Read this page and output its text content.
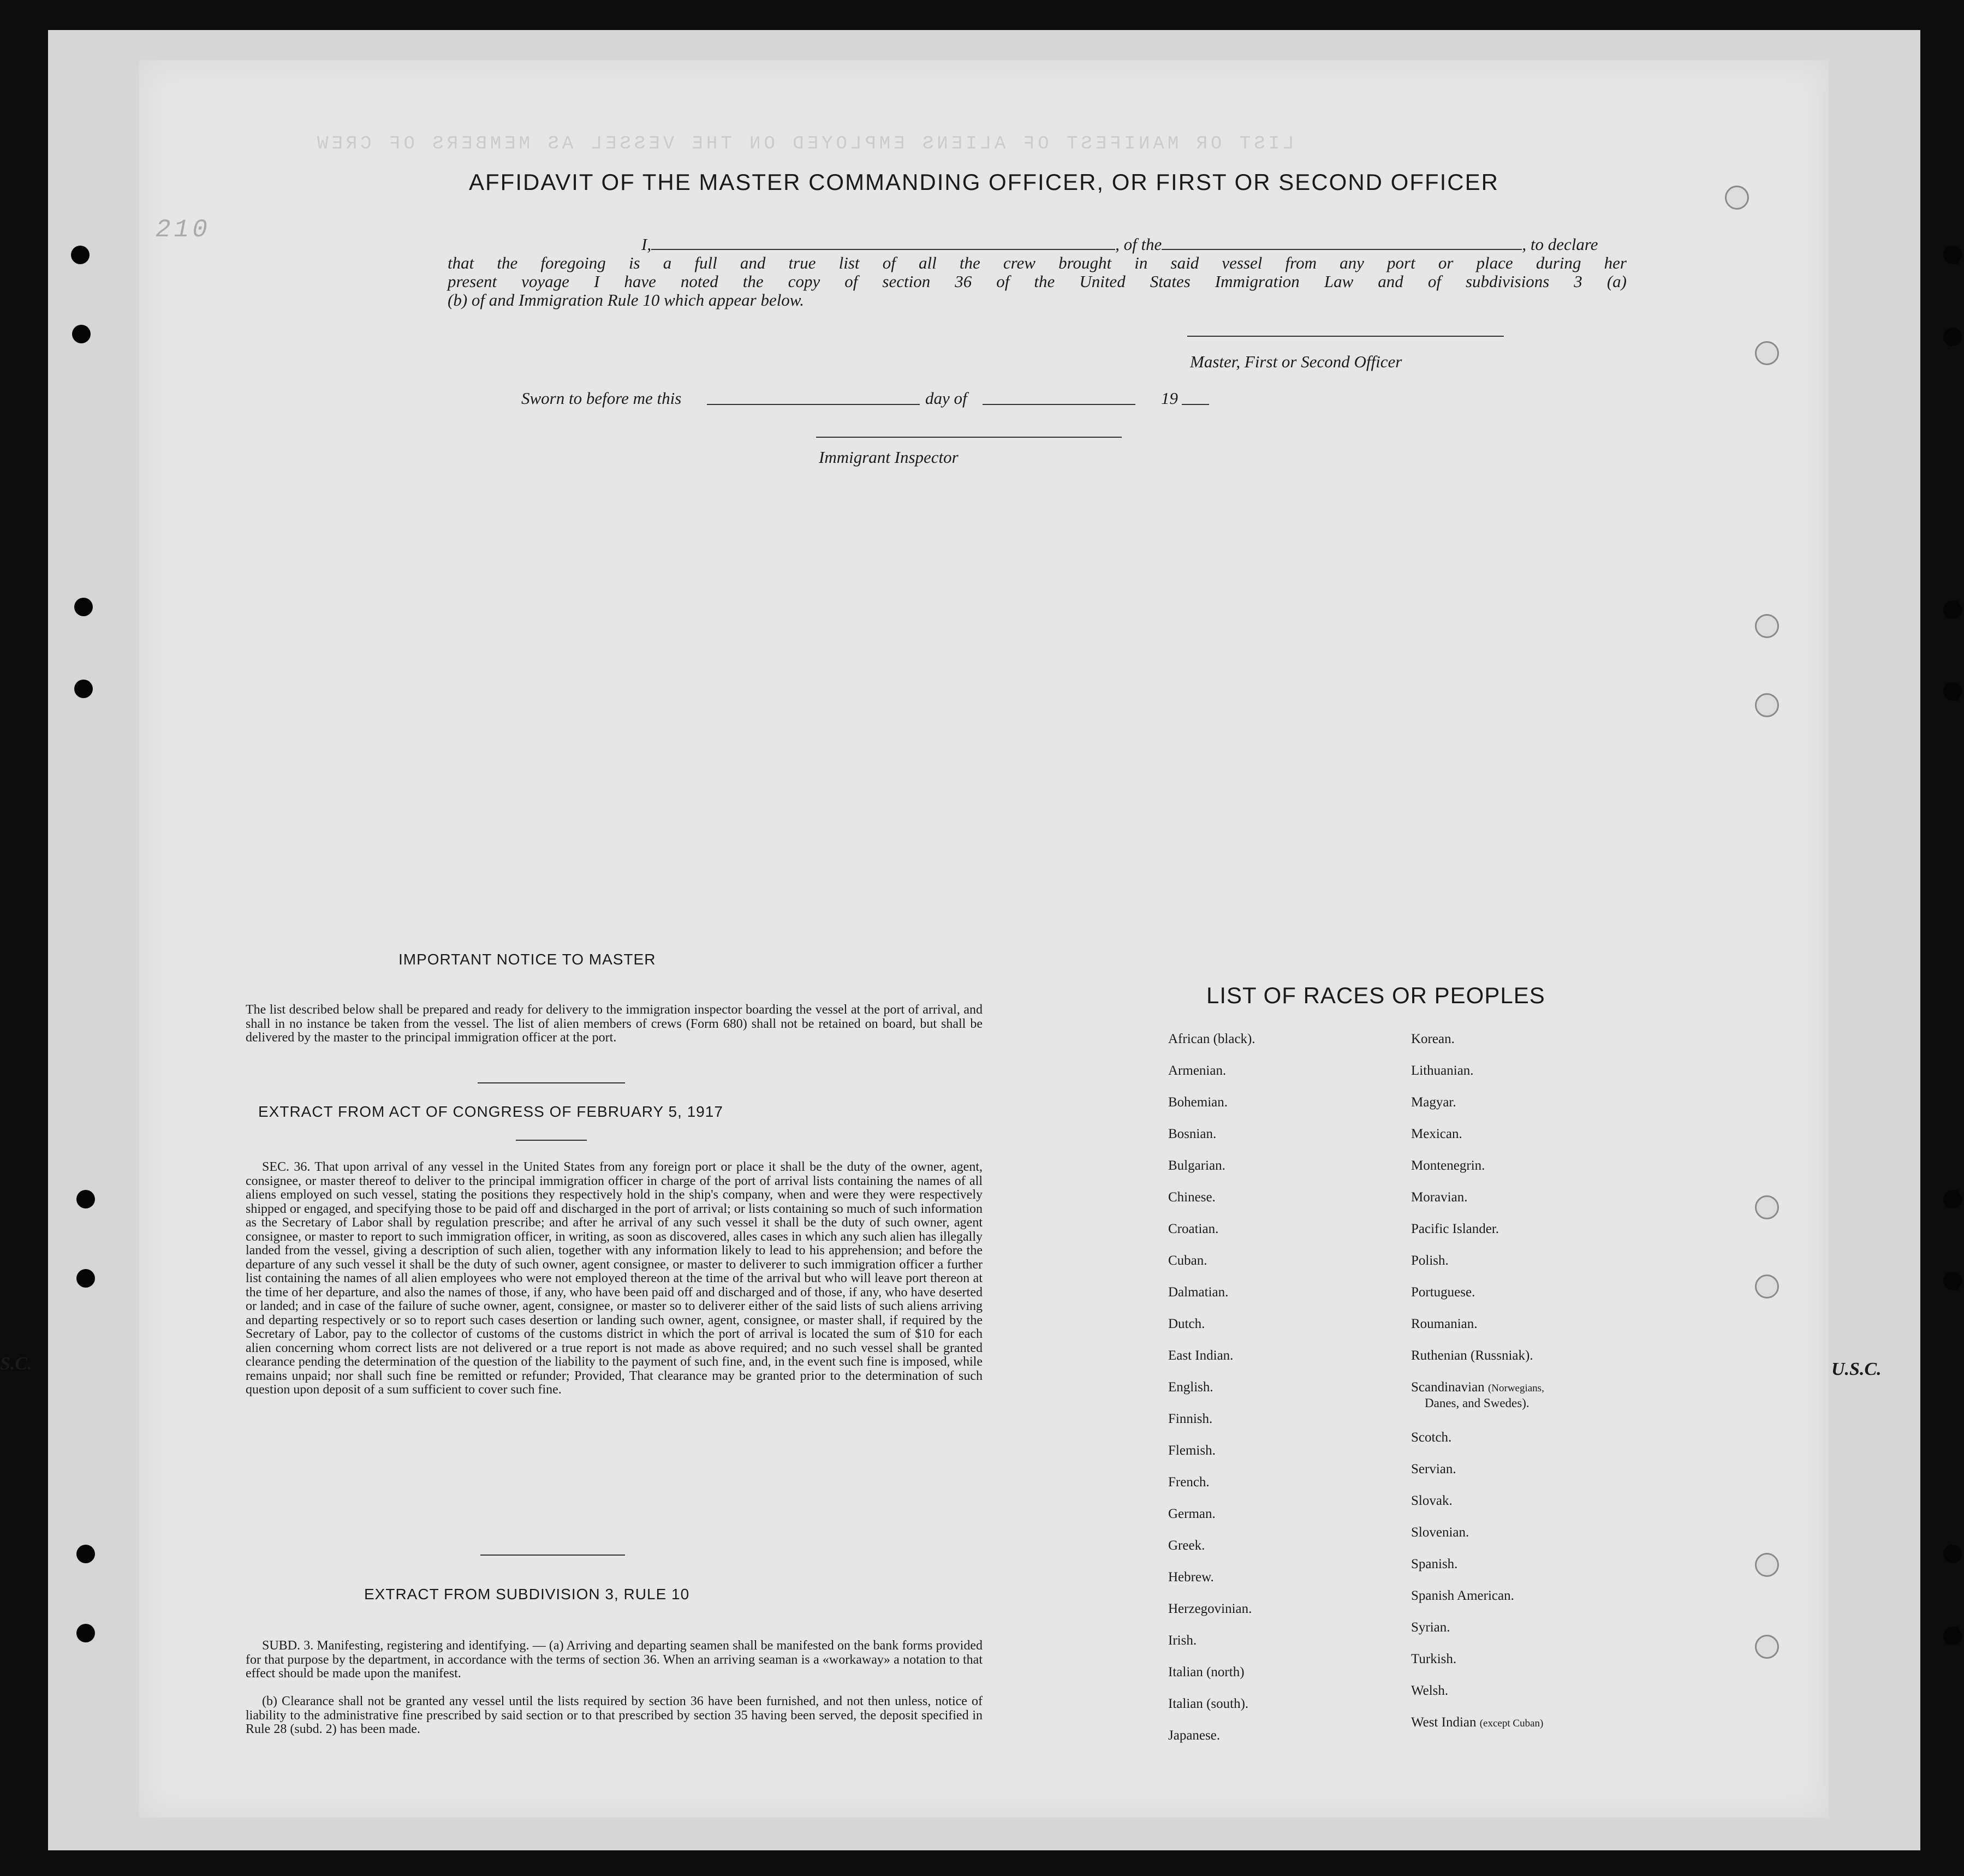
S.C.	U.S.C.
LIST OR MANIFEST OF ALIENS EMPLOYED ON THE VESSEL AS MEMBERS OF CREW
210
AFFIDAVIT OF THE MASTER COMMANDING OFFICER, OR FIRST OR SECOND OFFICER
I,	, of the	, to declare
that the foregoing is a full and true list of all the crew brought in said vessel from any port or place during her
present voyage I have noted the copy of section 36 of the United States Immigration Law and of subdivisions 3 (a)
(b) of and Immigration Rule 10 which appear below.
Master, First or Second Officer
Sworn to before me this	day of	19
Immigrant Inspector
IMPORTANT NOTICE TO MASTER
The list described below shall be prepared and ready for delivery to the immigration inspector boarding the vessel at the port of arrival, and shall in no instance be taken from the vessel. The list of alien members of crews (Form 680) shall not be retained on board, but shall be delivered by the master to the principal immigration officer at the port.
EXTRACT FROM ACT OF CONGRESS OF FEBRUARY 5, 1917
SEC. 36. That upon arrival of any vessel in the United States from any foreign port or place it shall be the duty of the owner, agent, consignee, or master thereof to deliver to the principal immigration officer in charge of the port of arrival lists containing the names of all aliens employed on such vessel, stating the positions they respectively hold in the ship's company, when and were they were respectively shipped or engaged, and specifying those to be paid off and discharged in the port of arrival; or lists containing so much of such information as the Secretary of Labor shall by regulation prescribe; and after he arrival of any such vessel it shall be the duty of such owner, agent consignee, or master to report to such immigration officer, in writing, as soon as discovered, alles cases in which any such alien has illegally landed from the vessel, giving a description of such alien, together with any information likely to lead to his apprehension; and before the departure of any such vessel it shall be the duty of such owner, agent consignee, or master to deliverer to such immigration officer a further list containing the names of all alien employees who were not employed thereon at the time of the arrival but who will leave port thereon at the time of her departure, and also the names of those, if any, who have been paid off and discharged and of those, if any, who have deserted or landed; and in case of the failure of suche owner, agent, consignee, or master so to deliverer either of the said lists of such aliens arriving and departing respectively or so to report such cases desertion or landing such owner, agent, consignee, or master shall, if required by the Secretary of Labor, pay to the collector of customs of the customs district in which the port of arrival is located the sum of $10 for each alien concerning whom correct lists are not delivered or a true report is not made as above required; and no such vessel shall be granted clearance pending the determination of the question of the liability to the payment of such fine, and, in the event such fine is imposed, while remains unpaid; nor shall such fine be remitted or refunder; Provided, That clearance may be granted prior to the determination of such question upon deposit of a sum sufficient to cover such fine.
EXTRACT FROM SUBDIVISION 3, RULE 10
SUBD. 3. Manifesting, registering and identifying. — (a) Arriving and departing seamen shall be manifested on the bank forms provided for that purpose by the department, in accordance with the terms of section 36. When an arriving seaman is a «workaway» a notation to that effect should be made upon the manifest.
(b) Clearance shall not be granted any vessel until the lists required by section 36 have been furnished, and not then unless, notice of liability to the administrative fine prescribed by said section or to that prescribed by section 35 having been served, the deposit specified in Rule 28 (subd. 2) has been made.
LIST OF RACES OR PEOPLES
African (black).
Armenian.
Bohemian.
Bosnian.
Bulgarian.
Chinese.
Croatian.
Cuban.
Dalmatian.
Dutch.
East Indian.
English.
Finnish.
Flemish.
French.
German.
Greek.
Hebrew.
Herzegovinian.
Irish.
Italian (north)
Italian (south).
Japanese.
Korean.
Lithuanian.
Magyar.
Mexican.
Montenegrin.
Moravian.
Pacific Islander.
Polish.
Portuguese.
Roumanian.
Ruthenian (Russniak).
Scandinavian (Norwegians,
Danes, and Swedes).
Scotch.
Servian.
Slovak.
Slovenian.
Spanish.
Spanish American.
Syrian.
Turkish.
Welsh.
West Indian (except Cuban)
